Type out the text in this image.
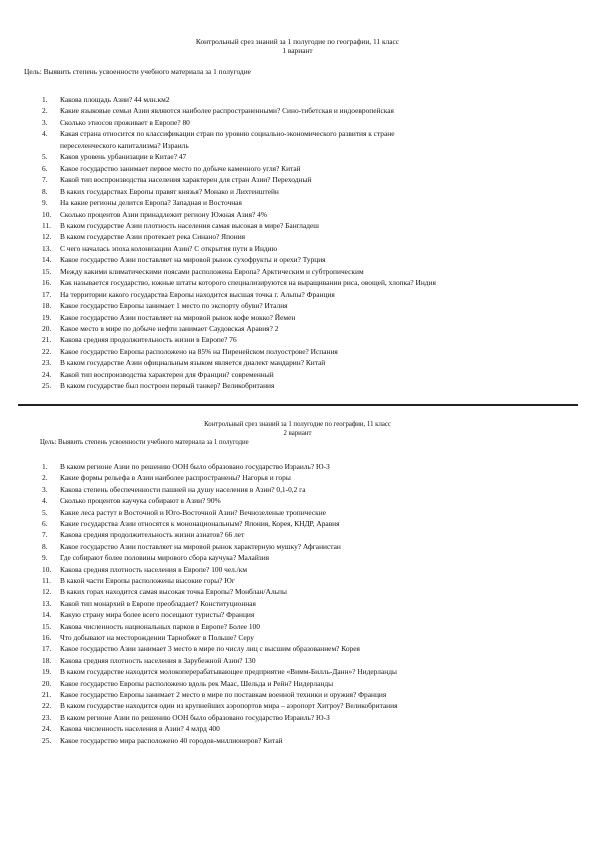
Контрольный срез знаний за 1 полугодие по географии, 11 класс
1 вариант
Цель: Выявить степень усвоенности учебного материала за 1 полугодие
1.	Какова площадь Азии? 44 млн.км2
2.	Какие языковые семьи Азии являются наиболее распространенными? Сино-тибетская и индоевропейская
3.	Сколько этносов проживает в Европе? 80
4.	Какая страна относится по классификации стран по уровню социально-экономического развития к стране
переселенческого капитализма? Израиль
5.	Каков уровень урбанизации в Китае? 47
6.	Какое государство занимает первое место по добыче каменного угля? Китай
7.	Какой тип воспроизводства населения характерен для стран Азии? Переходный
8.	В каких государствах Европы правят князья? Монако и Лихтенштейн
9.	На какие регионы делится Европа? Западная и Восточная
10.	Сколько процентов Азии принадлежит региону Южная Азия? 4%
11.	В каком государстве Азии плотность населения самая высокая в мире? Бангладеш
12.	В каком государстве Азии протекает река Синано? Япония
13.	С чего началась эпоха колонизации Азии? С открытия пути в Индию
14.	Какое государство Азии поставляет на мировой рынок сухофрукты и орехи? Турция
15.	Между какими климатическими поясами расположена Европа? Арктическим и субтропическим
16.	Как называется государство, южные штаты которого специализируются на выращивании риса, овощей, хлопка? Индия
17.	На территории какого государства Европы находится высшая точка г. Альпы? Франция
18.	Какое государство Европы занимает 1 место по экспорту обуви? Италия
19.	Какое государство Азии поставляет на мировой рынок кофе мокко? Йемен
20.	Какое место в мире по добыче нефти занимает Саудовская Аравия? 2
21.	Какова средняя продолжительность жизни в Европе? 76
22.	Какое государство Европы расположено на 85% на Пиренейском полуострове? Испания
23.	В каком государстве Азии официальным языком является диалект мандарин? Китай
24.	Какой тип воспроизводства характерен для Франции? современный
25.	В каком государстве был построен первый танкер? Великобритания
Контрольный срез знаний за 1 полугодие по географии, 11 класс
2 вариант
Цель: Выявить степень усвоенности учебного материала за 1 полугодие
1.	В каком регионе Азии по решению ООН было образовано государство Израиль? Ю-З
2.	Какие формы рельефа в Азии наиболее распространены? Нагорья и горы
3.	Какова степень обеспеченности пашней на душу населения в Азии? 0,1-0,2 га
4.	Сколько процентов каучука собирают в Азии? 90%
5.	Какие леса растут в Восточной и Юго-Восточной Азии? Вечнозеленые тропические
6.	Какие государства Азии относятся к мононациональным? Япония, Корея, КНДР, Аравия
7.	Какова средняя продолжительность жизни азиатов? 66 лет
8.	Какое государство Азии поставляет на мировой рынок характерную мушку? Афганистан
9.	Где собирают более половины мирового сбора каучука? Малайзия
10.	Какова средняя плотность населения в Европе? 100 чел./км
11.	В какой части Европы расположены высокие горы? Юг
12.	В каких горах находится самая высокая точка Европы? Монблан/Альпы
13.	Какой тип монархий в Европе преобладает? Конституционная
14.	Какую страну мира более всего посещают туристы? Франция
15.	Какова численность национальных парков в Европе? Более 100
16.	Что добывают на месторождении Тарнобжег в Польше? Серу
17.	Какое государство Азии занимает 3 место в мире по числу лиц с высшим образованием? Корея
18.	Какова средняя плотность населения в Зарубежной Азии? 130
19.	В каком государстве находится молокоперерабатывающее предприятие «Вимм-Билль-Данн»? Нидерланды
20.	Какое государство Европы расположено вдоль рек Маас, Шельда и Рейн? Нидерланды
21.	Какое государство Европы занимает 2 место в мире по поставкам военной техники и оружия? Франция
22.	В каком государстве находится один из крупнейших аэропортов мира – аэропорт Хитроу? Великобритания
23.	В каком регионе Азии по решению ООН было образовано государство Израиль? Ю-З
24.	Какова численность населения в Азии? 4 млрд 400
25.	Какое государство мира расположено 40 городов-миллионеров? Китай
